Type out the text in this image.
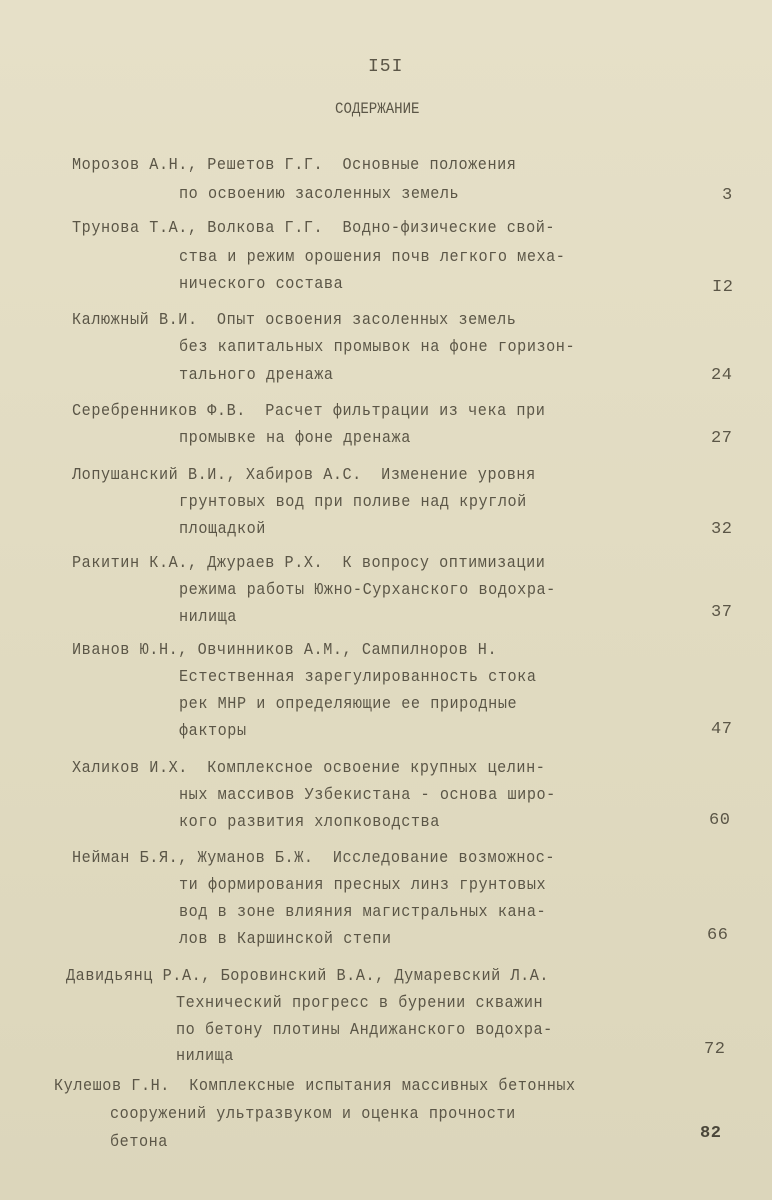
I5I
СОДЕРЖАНИЕ
Морозов А.Н., Решетов Г.Г.  Основные положения
по освоению засоленных земель	3
Трунова Т.А., Волкова Г.Г.  Водно-физические свой-
ства и режим орошения почв легкого меха-
нического состава	I2
Калюжный В.И.  Опыт освоения засоленных земель
без капитальных промывок на фоне горизон-
тального дренажа	24
Серебренников Ф.В.  Расчет фильтрации из чека при
промывке на фоне дренажа	27
Лопушанский В.И., Хабиров А.С.  Изменение уровня
грунтовых вод при поливе над круглой
площадкой	32
Ракитин К.А., Джураев Р.Х.  К вопросу оптимизации
режима работы Южно-Сурханского водохра-
нилища	37
Иванов Ю.Н., Овчинников А.М., Сампилноров Н.
Естественная зарегулированность стока
рек МНР и определяющие ее природные
факторы	47
Халиков И.Х.  Комплексное освоение крупных целин-
ных массивов Узбекистана - основа широ-
кого развития хлопководства	60
Нейман Б.Я., Жуманов Б.Ж.  Исследование возможнос-
ти формирования пресных линз грунтовых
вод в зоне влияния магистральных кана-
лов в Каршинской степи	66
Давидьянц Р.А., Боровинский В.А., Думаревский Л.А.
Технический прогресс в бурении скважин
по бетону плотины Андижанского водохра-
нилища	72
Кулешов Г.Н.  Комплексные испытания массивных бетонных
сооружений ультразвуком и оценка прочности
бетона	82
